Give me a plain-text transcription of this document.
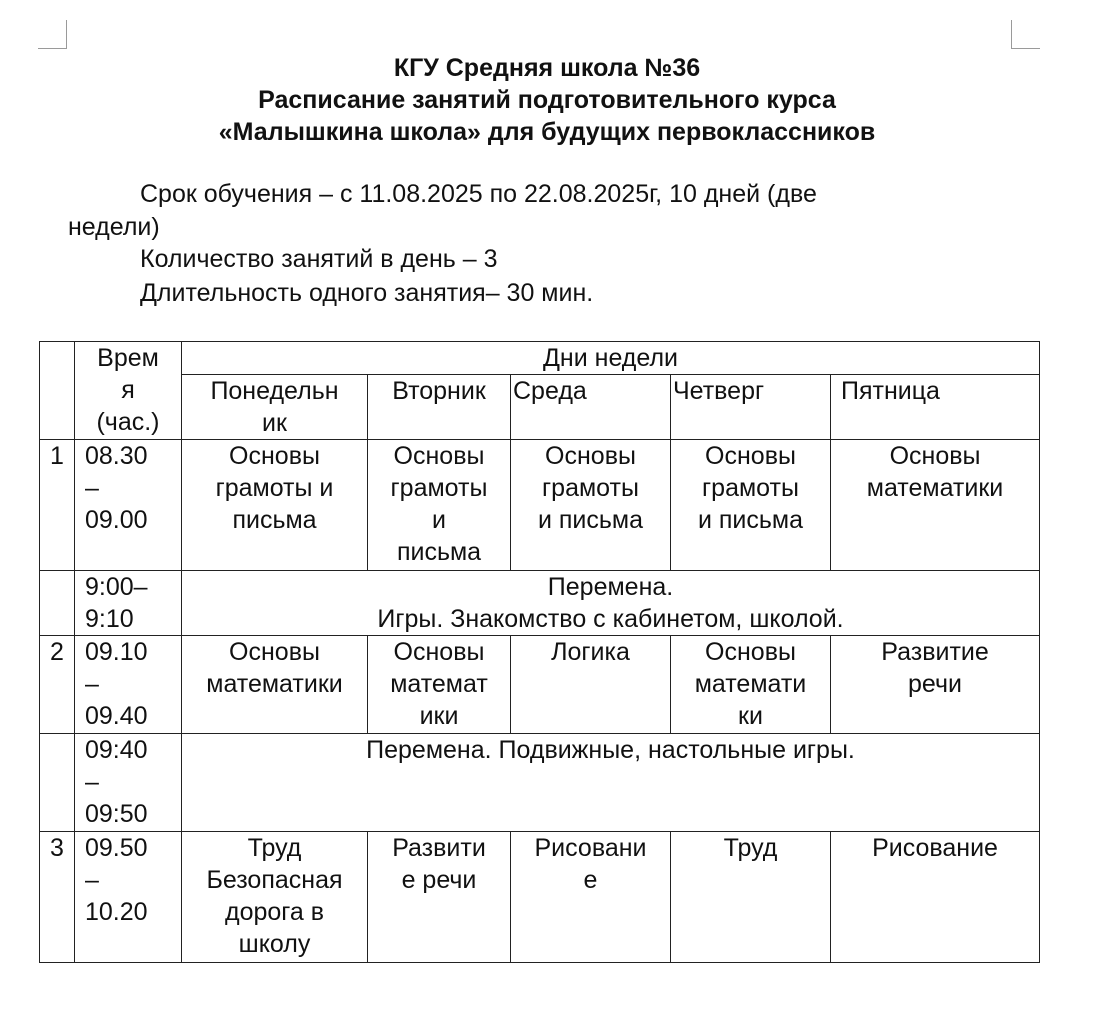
КГУ Средняя школа №36
Расписание занятий подготовительного курса
«Малышкина школа» для будущих первоклассников
Срок обучения – с 11.08.2025 по 22.08.2025г, 10 дней (две
недели)
Количество занятий в день – 3
Длительность одного занятия– 30 мин.
	Врем
я
(час.)	Дни недели				
		Понедельн
ик	Вторник	Среда	Четверг	Пятница
1	08.30
–
09.00	Основы
грамоты и
письма	Основы
грамоты
и
письма	Основы
грамоты
и письма	Основы
грамоты
и письма	Основы
математики
	9:00–
9:10	Перемена.
Игры. Знакомство с кабинетом, школой.				
2	09.10
–
09.40	Основы
математики	Основы
математ
ики	Логика	Основы
математи
ки	Развитие
речи
	09:40
–
09:50	Перемена. Подвижные, настольные игры.				
3	09.50
–
10.20	Труд
Безопасная
дорога в
школу	Развити
е речи	Рисовани
е	Труд	Рисование
